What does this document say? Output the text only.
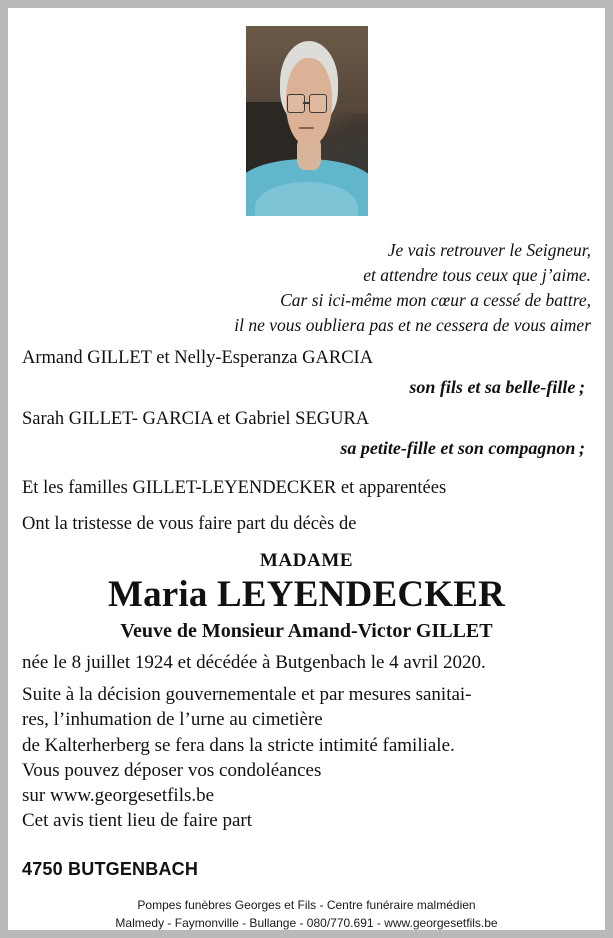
Je vais retrouver le Seigneur,
et attendre tous ceux que j’aime.
Car si ici-même mon cœur a cessé de battre,
il ne vous oubliera pas et ne cessera de vous aimer
Armand GILLET et Nelly-Esperanza GARCIA
son fils et sa belle-fille ;
Sarah GILLET- GARCIA et Gabriel SEGURA
sa petite-fille et son compagnon ;
Et les familles GILLET-LEYENDECKER et apparentées
Ont la tristesse de vous faire part du décès de
MADAME
Maria LEYENDECKER
Veuve de Monsieur Amand-Victor GILLET
née le 8 juillet 1924 et décédée à Butgenbach le 4 avril 2020.
Suite à la décision gouvernementale et par mesures sanitai-
res, l’inhumation de l’urne au cimetière
de Kalterherberg se fera dans la stricte intimité familiale.
Vous pouvez déposer vos condoléances
sur www.georgesetfils.be
Cet avis tient lieu de faire part
4750 BUTGENBACH
Pompes funèbres Georges et Fils - Centre funéraire malmédien
Malmedy - Faymonville - Bullange - 080/770.691 - www.georgesetfils.be
